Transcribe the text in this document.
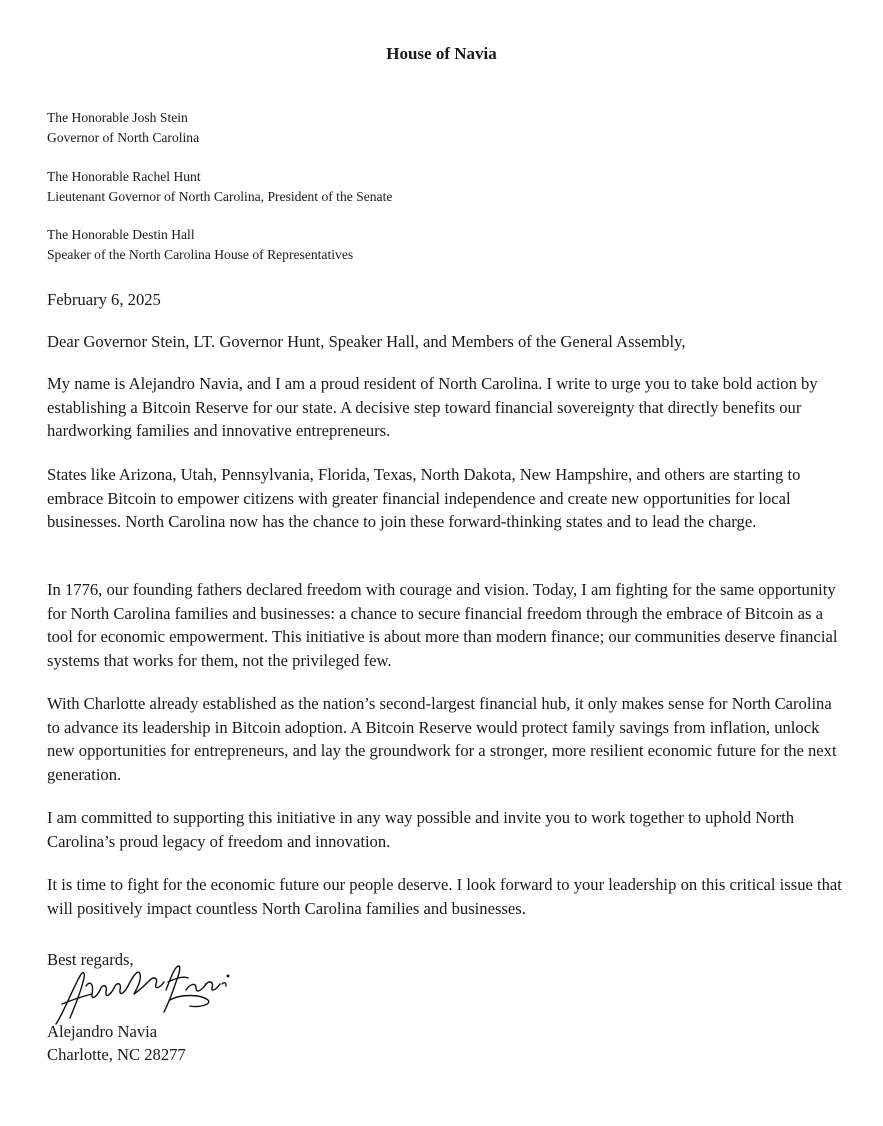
House of Navia
The Honorable Josh Stein
Governor of North Carolina
The Honorable Rachel Hunt
Lieutenant Governor of North Carolina, President of the Senate
The Honorable Destin Hall
Speaker of the North Carolina House of Representatives
February 6, 2025

Dear Governor Stein, LT. Governor Hunt, Speaker Hall, and Members of the General Assembly,

My name is Alejandro Navia, and I am a proud resident of North Carolina. I write to urge you to take bold action by establishing a Bitcoin Reserve for our state. A decisive step toward financial sovereignty that directly benefits our hardworking families and innovative entrepreneurs.

States like Arizona, Utah, Pennsylvania, Florida, Texas, North Dakota, New Hampshire, and others are starting to embrace Bitcoin to empower citizens with greater financial independence and create new opportunities for local businesses. North Carolina now has the chance to join these forward-thinking states and to lead the charge.

In 1776, our founding fathers declared freedom with courage and vision. Today, I am fighting for the same opportunity for North Carolina families and businesses: a chance to secure financial freedom through the embrace of Bitcoin as a tool for economic empowerment. This initiative is about more than modern finance; our communities deserve financial systems that works for them, not the privileged few.

With Charlotte already established as the nation’s second-largest financial hub, it only makes sense for North Carolina to advance its leadership in Bitcoin adoption. A Bitcoin Reserve would protect family savings from inflation, unlock new opportunities for entrepreneurs, and lay the groundwork for a stronger, more resilient economic future for the next generation.

I am committed to supporting this initiative in any way possible and invite you to work together to uphold North Carolina’s proud legacy of freedom and innovation.

It is time to fight for the economic future our people deserve. I look forward to your leadership on this critical issue that will positively impact countless North Carolina families and businesses.

Best regards,
Alejandro Navia
Charlotte, NC 28277
